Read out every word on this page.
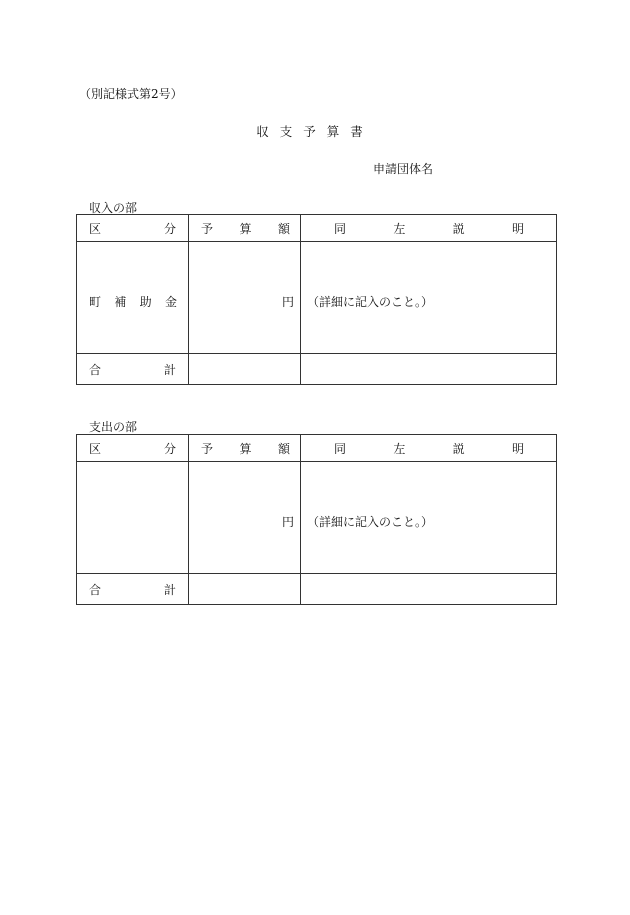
（別記様式第2号）
収支予算書
申請団体名
収入の部
区 分	予 算 額	同 左 説 明

町 補 助 金	円	（詳細に記入のこと。）

合 計		

支出の部
区 分	予 算 額	同 左 説 明

	円	（詳細に記入のこと。）

合 計		
